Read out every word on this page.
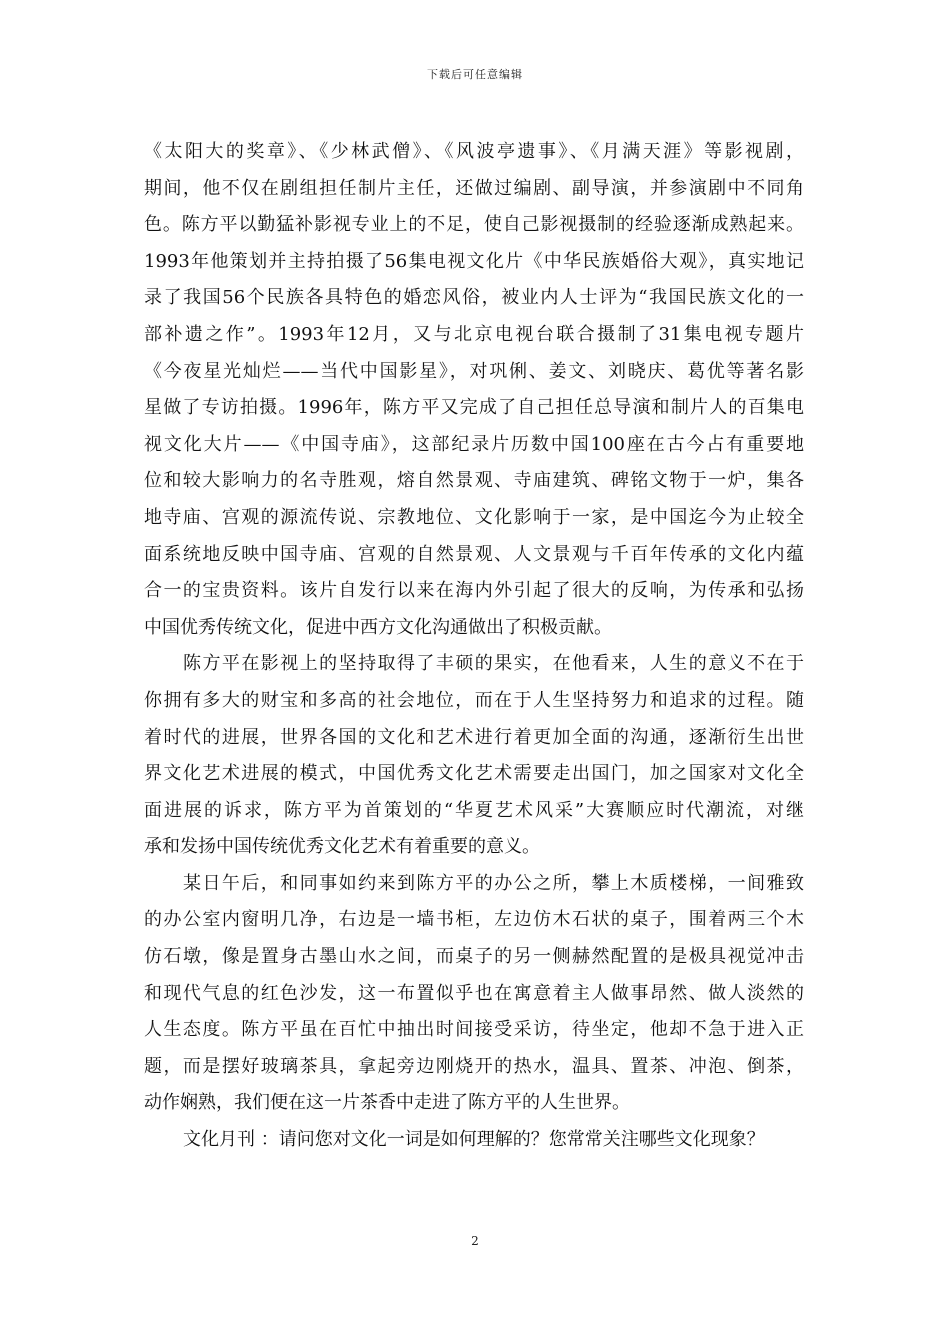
下载后可任意编辑
《太阳大的奖章》、《少林武僧》、《风波亭遗事》、《月满天涯》等影视剧，
期间，他不仅在剧组担任制片主任，还做过编剧、副导演，并参演剧中不同角
色。陈方平以勤猛补影视专业上的不足，使自己影视摄制的经验逐渐成熟起来。
1993年他策划并主持拍摄了56集电视文化片《中华民族婚俗大观》，真实地记
录了我国56个民族各具特色的婚恋风俗，被业内人士评为“我国民族文化的一
部补遗之作”。1993年12月，又与北京电视台联合摄制了31集电视专题片
《今夜星光灿烂——当代中国影星》，对巩俐、姜文、刘晓庆、葛优等著名影
星做了专访拍摄。1996年，陈方平又完成了自己担任总导演和制片人的百集电
视文化大片——《中国寺庙》，这部纪录片历数中国100座在古今占有重要地
位和较大影响力的名寺胜观，熔自然景观、寺庙建筑、碑铭文物于一炉，集各
地寺庙、宫观的源流传说、宗教地位、文化影响于一家，是中国迄今为止较全
面系统地反映中国寺庙、宫观的自然景观、人文景观与千百年传承的文化内蕴
合一的宝贵资料。该片自发行以来在海内外引起了很大的反响，为传承和弘扬
中国优秀传统文化，促进中西方文化沟通做出了积极贡献。
陈方平在影视上的坚持取得了丰硕的果实，在他看来，人生的意义不在于
你拥有多大的财宝和多高的社会地位，而在于人生坚持努力和追求的过程。随
着时代的进展，世界各国的文化和艺术进行着更加全面的沟通，逐渐衍生出世
界文化艺术进展的模式，中国优秀文化艺术需要走出国门，加之国家对文化全
面进展的诉求，陈方平为首策划的“华夏艺术风采”大赛顺应时代潮流，对继
承和发扬中国传统优秀文化艺术有着重要的意义。
某日午后，和同事如约来到陈方平的办公之所，攀上木质楼梯，一间雅致
的办公室内窗明几净，右边是一墙书柜，左边仿木石状的桌子，围着两三个木
仿石墩，像是置身古墨山水之间，而桌子的另一侧赫然配置的是极具视觉冲击
和现代气息的红色沙发，这一布置似乎也在寓意着主人做事昂然、做人淡然的
人生态度。陈方平虽在百忙中抽出时间接受采访，待坐定，他却不急于进入正
题，而是摆好玻璃茶具，拿起旁边刚烧开的热水，温具、置茶、冲泡、倒茶，
动作娴熟，我们便在这一片茶香中走进了陈方平的人生世界。
文化月刊 ：请问您对文化一词是如何理解的？您常常关注哪些文化现象？
2
